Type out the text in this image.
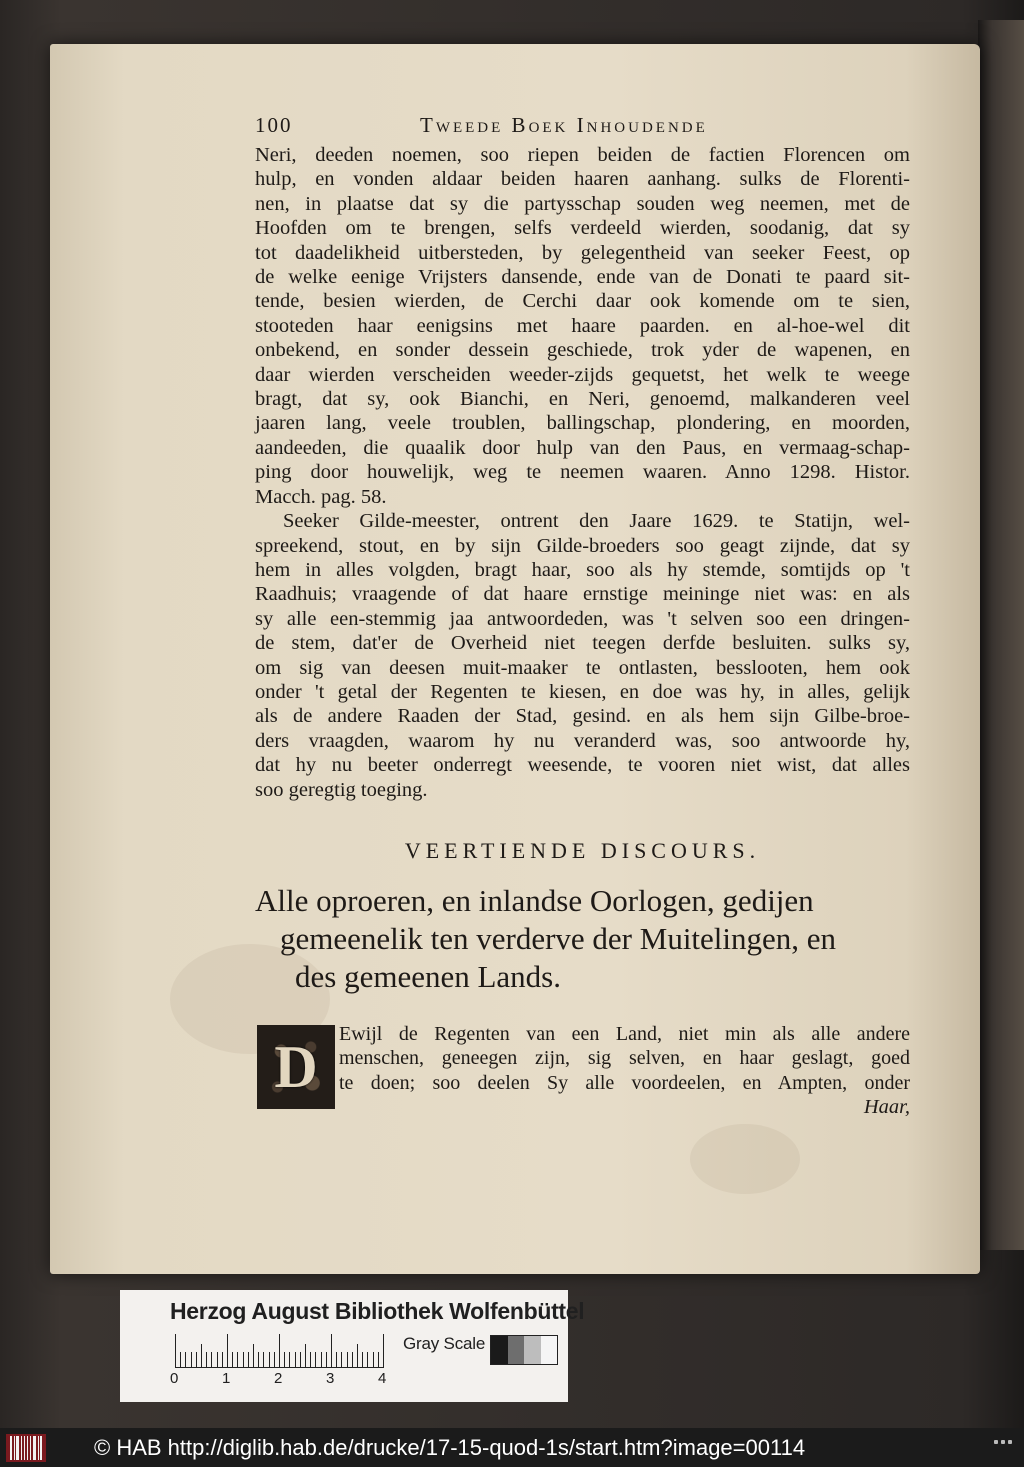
100	Tweede Boek Inhoudende
Neri, deeden noemen, soo riepen beiden de factien Florencen om
hulp, en vonden aldaar beiden haaren aanhang. sulks de Florenti-
nen, in plaatse dat sy die partysschap souden weg neemen, met de
Hoofden om te brengen, selfs verdeeld wierden, soodanig, dat sy
tot daadelikheid uitbersteden, by gelegentheid van seeker Feest, op
de welke eenige Vrijsters dansende, ende van de Donati te paard sit-
tende, besien wierden, de Cerchi daar ook komende om te sien,
stooteden haar eenigsins met haare paarden. en al-hoe-wel dit
onbekend, en sonder dessein geschiede, trok yder de wapenen, en
daar wierden verscheiden weeder-zijds gequetst, het welk te weege
bragt, dat sy, ook Bianchi, en Neri, genoemd, malkanderen veel
jaaren lang, veele troublen, ballingschap, plondering, en moorden,
aandeeden, die quaalik door hulp van den Paus, en vermaag-schap-
ping door houwelijk, weg te neemen waaren. Anno 1298. Histor.
Macch. pag. 58.
Seeker Gilde-meester, ontrent den Jaare 1629. te Statijn, wel-
spreekend, stout, en by sijn Gilde-broeders soo geagt zijnde, dat sy
hem in alles volgden, bragt haar, soo als hy stemde, somtijds op 't
Raadhuis; vraagende of dat haare ernstige meininge niet was: en als
sy alle een-stemmig jaa antwoordeden, was 't selven soo een dringen-
de stem, dat'er de Overheid niet teegen derfde besluiten. sulks sy,
om sig van deesen muit-maaker te ontlasten, besslooten, hem ook
onder 't getal der Regenten te kiesen, en doe was hy, in alles, gelijk
als de andere Raaden der Stad, gesind. en als hem sijn Gilbe-broe-
ders vraagden, waarom hy nu veranderd was, soo antwoorde hy,
dat hy nu beeter onderregt weesende, te vooren niet wist, dat alles
soo geregtig toeging.
VEERTIENDE DISCOURS.
Alle oproeren, en inlandse Oorlogen, gedijen
gemeenelik ten verderve der Muitelingen, en
des gemeenen Lands.
D Ewijl de Regenten van een Land, niet min als alle andere
menschen, geneegen zijn, sig selven, en haar geslagt, goed
te doen; soo deelen Sy alle voordeelen, en Ampten, onder
Haar,
Herzog August Bibliothek Wolfenbüttel
0	1	2	3	4
Gray Scale
© HAB http://diglib.hab.de/drucke/17-15-quod-1s/start.htm?image=00114
